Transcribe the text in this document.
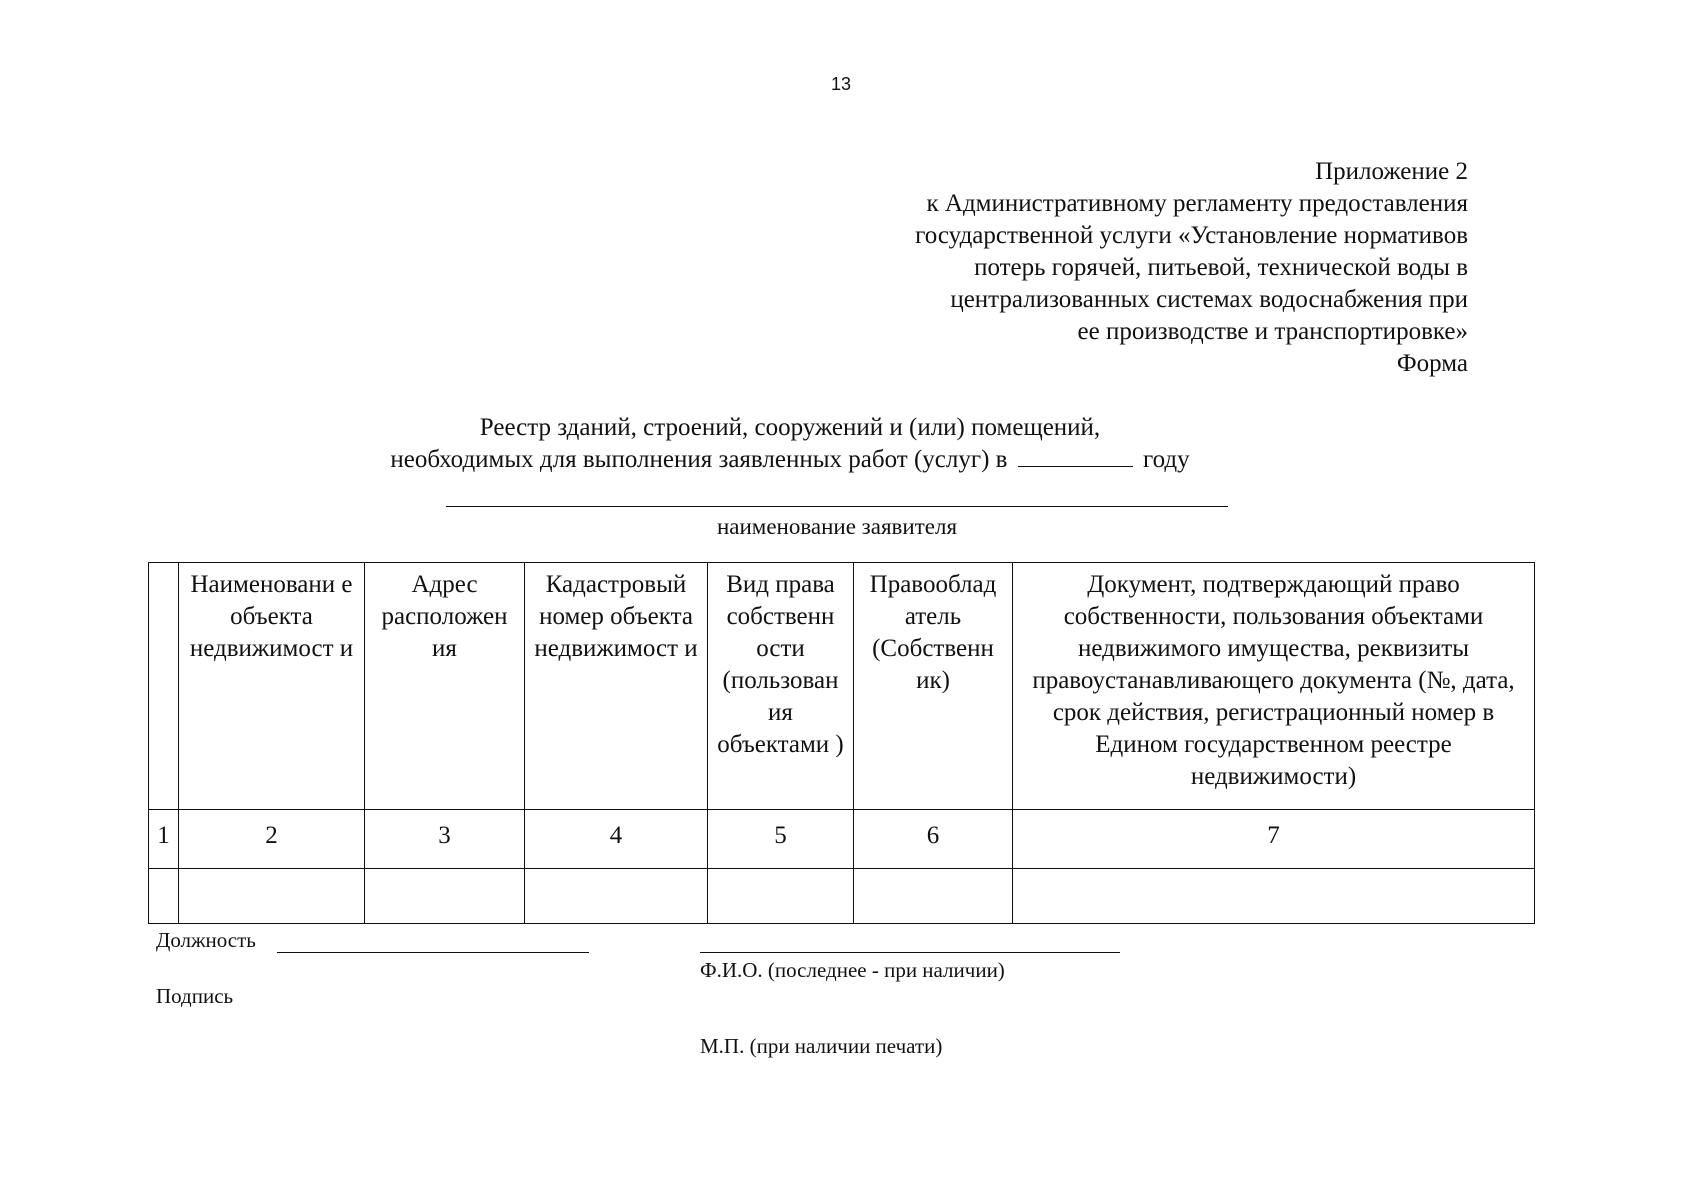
13
Приложение 2
к Административному регламенту предоставления
государственной услуги «Установление нормативов
потерь горячей, питьевой, технической воды в
централизованных системах водоснабжения при
ее производстве и транспортировке»
Форма
Реестр зданий, строений, сооружений и (или) помещений,
необходимых для выполнения заявленных работ (услуг) в	году
наименование заявителя
	Наименовани е объекта недвижимост и	Адрес расположен ия	Кадастровый номер объекта недвижимост и	Вид права собственн ости (пользован ия объектами )	Правооблад атель (Собственн ик)	Документ, подтверждающий право собственности, пользования объектами недвижимого имущества, реквизиты правоустанавливающего документа (№, дата, срок действия, регистрационный номер в Едином государственном реестре недвижимости)
1	2	3	4	5	6	7

Должность
Ф.И.О. (последнее - при наличии)
Подпись
М.П. (при наличии печати)
